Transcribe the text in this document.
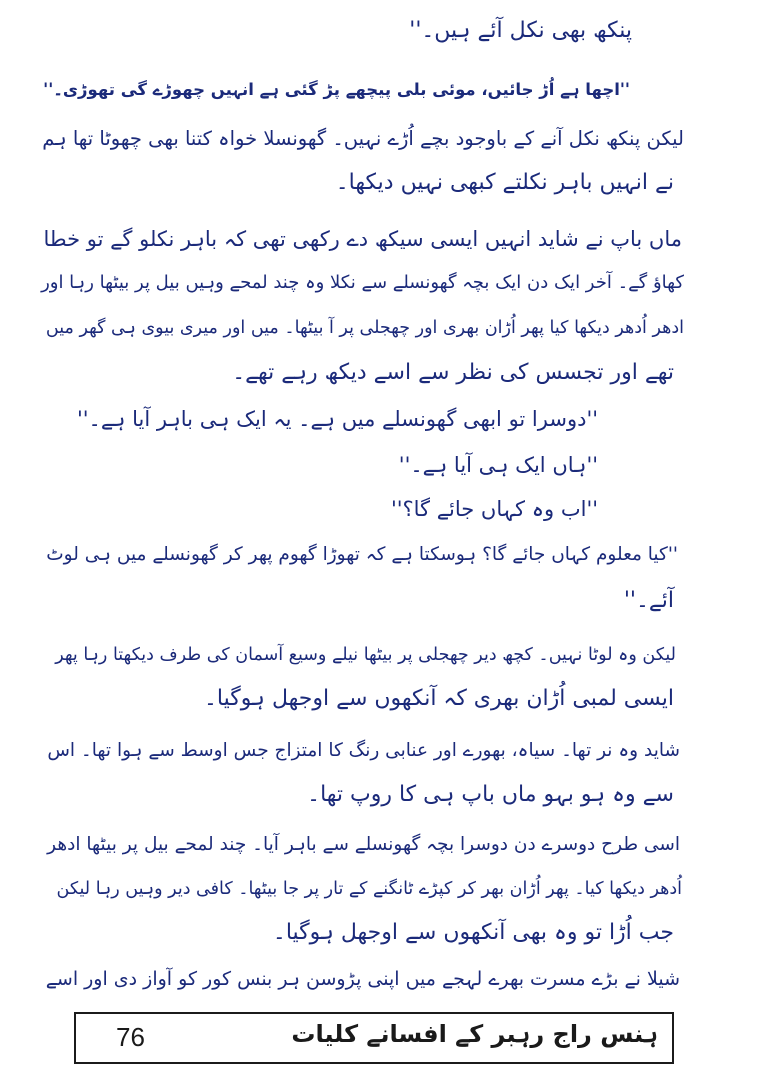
پنکھ بھی نکل آئے ہیں۔''
''اچھا ہے اُڑ جائیں، موئی بلی پیچھے پڑ گئی ہے انہیں چھوڑے گی تھوڑی۔''
لیکن پنکھ نکل آنے کے باوجود بچے اُڑے نہیں۔ گھونسلا خواہ کتنا بھی چھوٹا تھا ہم
نے انہیں باہر نکلتے کبھی نہیں دیکھا۔
ماں باپ نے شاید انہیں ایسی سیکھ دے رکھی تھی کہ باہر نکلو گے تو خطا
کھاؤ گے۔ آخر ایک دن ایک بچہ گھونسلے سے نکلا وہ چند لمحے وہیں بیل پر بیٹھا رہا اور
ادھر اُدھر دیکھا کیا پھر اُڑان بھری اور چھجلی پر آ بیٹھا۔ میں اور میری بیوی ہی گھر میں
تھے اور تجسس کی نظر سے اسے دیکھ رہے تھے۔
''دوسرا تو ابھی گھونسلے میں ہے۔ یہ ایک ہی باہر آیا ہے۔''
''ہاں ایک ہی آیا ہے۔''
''اب وہ کہاں جائے گا؟''
''کیا معلوم کہاں جائے گا؟ ہوسکتا ہے کہ تھوڑا گھوم پھر کر گھونسلے میں ہی لوٹ
آئے۔''
لیکن وہ لوٹا نہیں۔ کچھ دیر چھجلی پر بیٹھا نیلے وسیع آسمان کی طرف دیکھتا رہا پھر
ایسی لمبی اُڑان بھری کہ آنکھوں سے اوجھل ہوگیا۔
شاید وہ نر تھا۔ سیاہ، بھورے اور عنابی رنگ کا امتزاج جس اوسط سے ہوا تھا۔ اس
سے وہ ہو بہو ماں باپ ہی کا روپ تھا۔
اسی طرح دوسرے دن دوسرا بچہ گھونسلے سے باہر آیا۔ چند لمحے بیل پر بیٹھا ادھر
اُدھر دیکھا کیا۔ پھر اُڑان بھر کر کپڑے ٹانگنے کے تار پر جا بیٹھا۔ کافی دیر وہیں رہا لیکن
جب اُڑا تو وہ بھی آنکھوں سے اوجھل ہوگیا۔
شیلا نے بڑے مسرت بھرے لہجے میں اپنی پڑوسن ہر بنس کور کو آواز دی اور اسے
76	ہنس راج رہبر کے افسانے کلیات
